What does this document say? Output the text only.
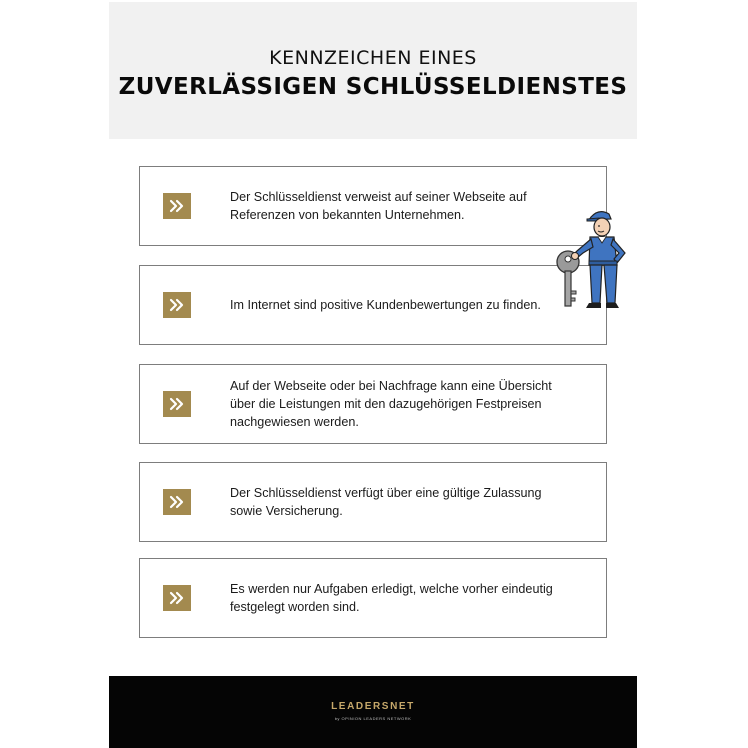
KENNZEICHEN EINES
ZUVERLÄSSIGEN SCHLÜSSELDIENSTES
Der Schlüsseldienst verweist auf seiner Webseite auf Referenzen von bekannten Unternehmen.
Im Internet sind positive Kundenbewertungen zu finden.
Auf der Webseite oder bei Nachfrage kann eine Übersicht über die Leistungen mit den dazugehörigen Festpreisen nachgewiesen werden.
Der Schlüsseldienst verfügt über eine gültige Zulassung sowie Versicherung.
Es werden nur Aufgaben erledigt, welche vorher eindeutig festgelegt worden sind.
LEADERSNET
by OPINION LEADERS NETWORK
